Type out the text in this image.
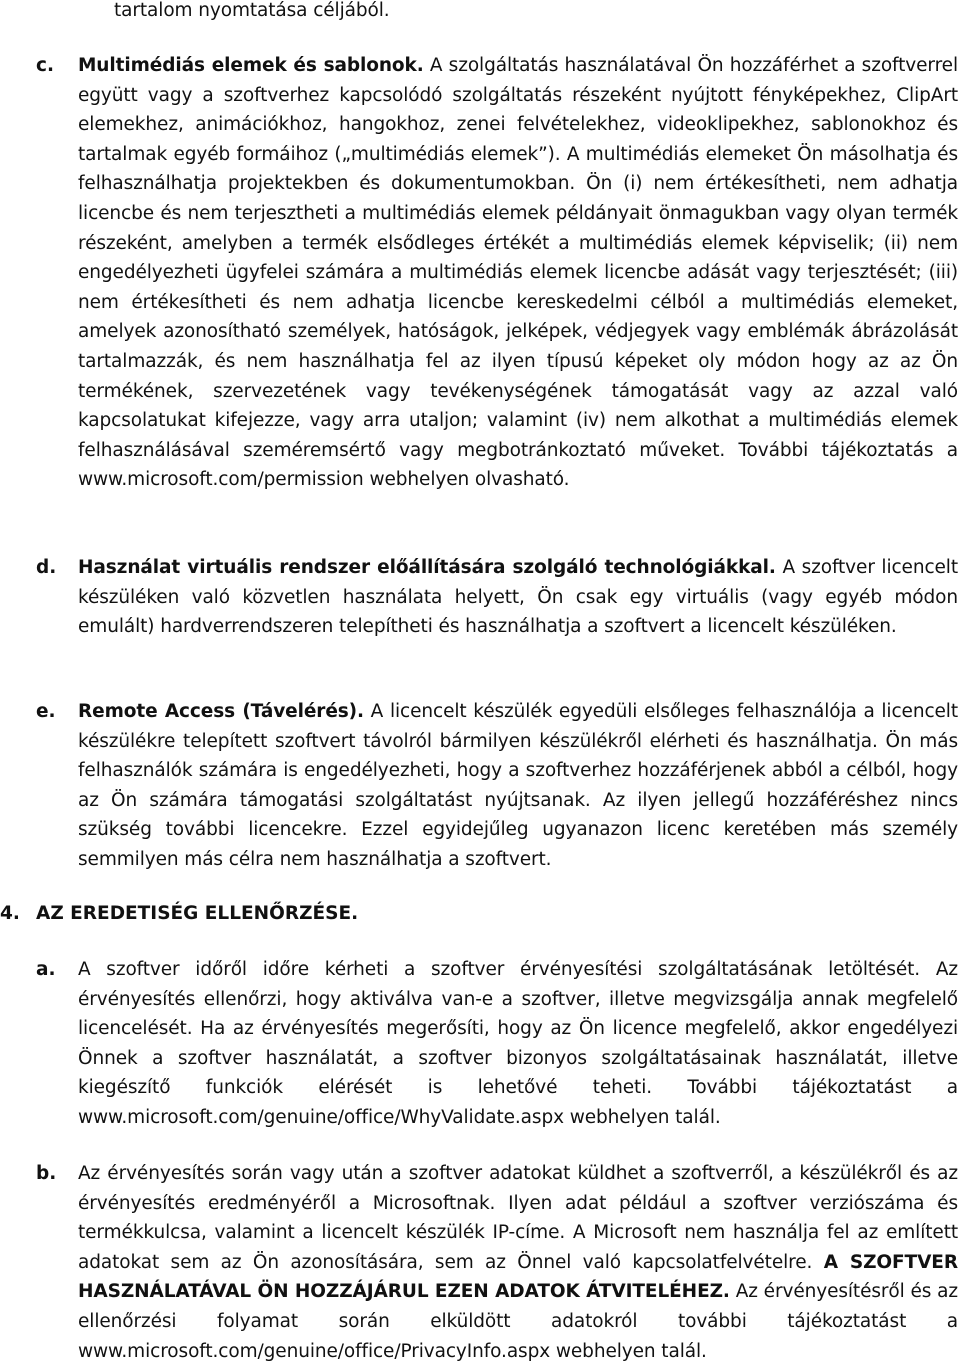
tartalom nyomtatása céljából.
c. Multimédiás elemek és sablonok. A szolgáltatás használatával Ön hozzáférhet a szoftverrel együtt vagy a szoftverhez kapcsolódó szolgáltatás részeként nyújtott fényképekhez, ClipArt elemekhez, animációkhoz, hangokhoz, zenei felvételekhez, videoklipekhez, sablonokhoz és tartalmak egyéb formáihoz („multimédiás elemek”). A multimédiás elemeket Ön másolhatja és felhasználhatja projektekben és dokumentumokban. Ön (i) nem értékesítheti, nem adhatja licencbe és nem terjesztheti a multimédiás elemek példányait önmagukban vagy olyan termék részeként, amelyben a termék elsődleges értékét a multimédiás elemek képviselik; (ii) nem engedélyezheti ügyfelei számára a multimédiás elemek licencbe adását vagy terjesztését; (iii) nem értékesítheti és nem adhatja licencbe kereskedelmi célból a multimédiás elemeket, amelyek azonosítható személyek, hatóságok, jelképek, védjegyek vagy emblémák ábrázolását tartalmazzák, és nem használhatja fel az ilyen típusú képeket oly módon hogy az az Ön termékének, szervezetének vagy tevékenységének támogatását vagy az azzal való kapcsolatukat kifejezze, vagy arra utaljon; valamint (iv) nem alkothat a multimédiás elemek felhasználásával szeméremsértő vagy megbotránkoztató műveket. További tájékoztatás a www.microsoft.com/permission webhelyen olvasható.
d. Használat virtuális rendszer előállítására szolgáló technológiákkal. A szoftver licencelt készüléken való közvetlen használata helyett, Ön csak egy virtuális (vagy egyéb módon emulált) hardverrendszeren telepítheti és használhatja a szoftvert a licencelt készüléken.
e. Remote Access (Távelérés). A licencelt készülék egyedüli elsőleges felhasználója a licencelt készülékre telepített szoftvert távolról bármilyen készülékről elérheti és használhatja. Ön más felhasználók számára is engedélyezheti, hogy a szoftverhez hozzáférjenek abból a célból, hogy az Ön számára támogatási szolgáltatást nyújtsanak. Az ilyen jellegű hozzáféréshez nincs szükség további licencekre. Ezzel egyidejűleg ugyanazon licenc keretében más személy semmilyen más célra nem használhatja a szoftvert.
4. AZ EREDETISÉG ELLENŐRZÉSE.
a. A szoftver időről időre kérheti a szoftver érvényesítési szolgáltatásának letöltését. Az érvényesítés ellenőrzi, hogy aktiválva van-e a szoftver, illetve megvizsgálja annak megfelelő licencelését. Ha az érvényesítés megerősíti, hogy az Ön licence megfelelő, akkor engedélyezi Önnek a szoftver használatát, a szoftver bizonyos szolgáltatásainak használatát, illetve kiegészítő funkciók elérését is lehetővé teheti. További tájékoztatást a www.microsoft.com/genuine/office/WhyValidate.aspx webhelyen talál.
b. Az érvényesítés során vagy után a szoftver adatokat küldhet a szoftverről, a készülékről és az érvényesítés eredményéről a Microsoftnak. Ilyen adat például a szoftver verziószáma és termékkulcsa, valamint a licencelt készülék IP-címe. A Microsoft nem használja fel az említett adatokat sem az Ön azonosítására, sem az Önnel való kapcsolatfelvételre. A SZOFTVER HASZNÁLATÁVAL ÖN HOZZÁJÁRUL EZEN ADATOK ÁTVITELÉHEZ. Az érvényesítésről és az ellenőrzési folyamat során elküldött adatokról további tájékoztatást a www.microsoft.com/genuine/office/PrivacyInfo.aspx webhelyen talál.
